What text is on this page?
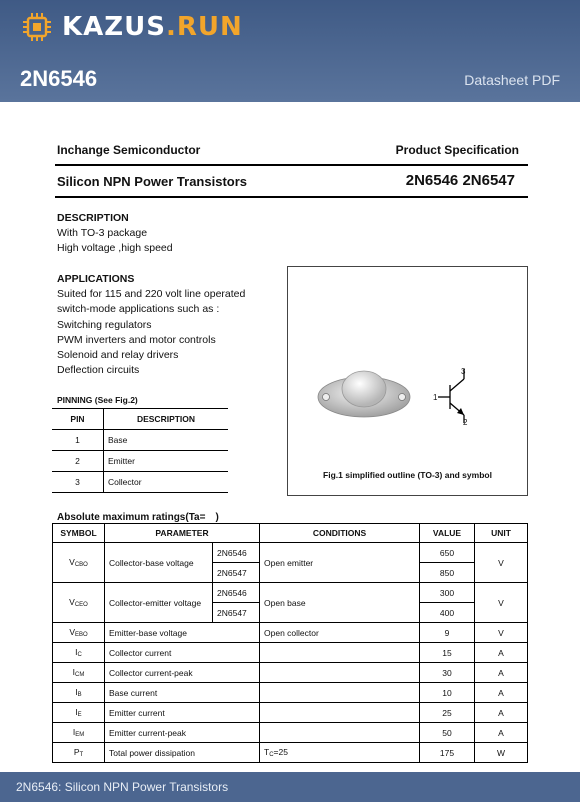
KAZUS.RUN
2N6546	Datasheet PDF
Inchange Semiconductor	Product Specification
Silicon NPN Power Transistors	2N6546 2N6547
DESCRIPTION
With TO-3 package
High voltage ,high speed
APPLICATIONS
Suited for 115 and 220 volt line operated
switch-mode applications such as :
Switching regulators
PWM inverters and motor controls
Solenoid and relay drivers
Deflection circuits
PINNING (See Fig.2)
PIN	DESCRIPTION
1	Base
2	Emitter
3	Collector
3
1
2
Fig.1 simplified outline (TO-3) and symbol
Absolute maximum ratings(Ta=　)
SYMBOL	PARAMETER		CONDITIONS	VALUE	UNIT
VCBO	Collector-base voltage	2N6546	Open emitter	650	V
		2N6547		850	
VCEO	Collector-emitter voltage	2N6546	Open base	300	V
		2N6547		400	
VEBO	Emitter-base voltage		Open collector	9	V
IC	Collector current			15	A
ICM	Collector current-peak			30	A
IB	Base current			10	A
IE	Emitter current			25	A
IEM	Emitter current-peak			50	A
PT	Total power dissipation		TC=25	175	W
2N6546: Silicon NPN Power Transistors
